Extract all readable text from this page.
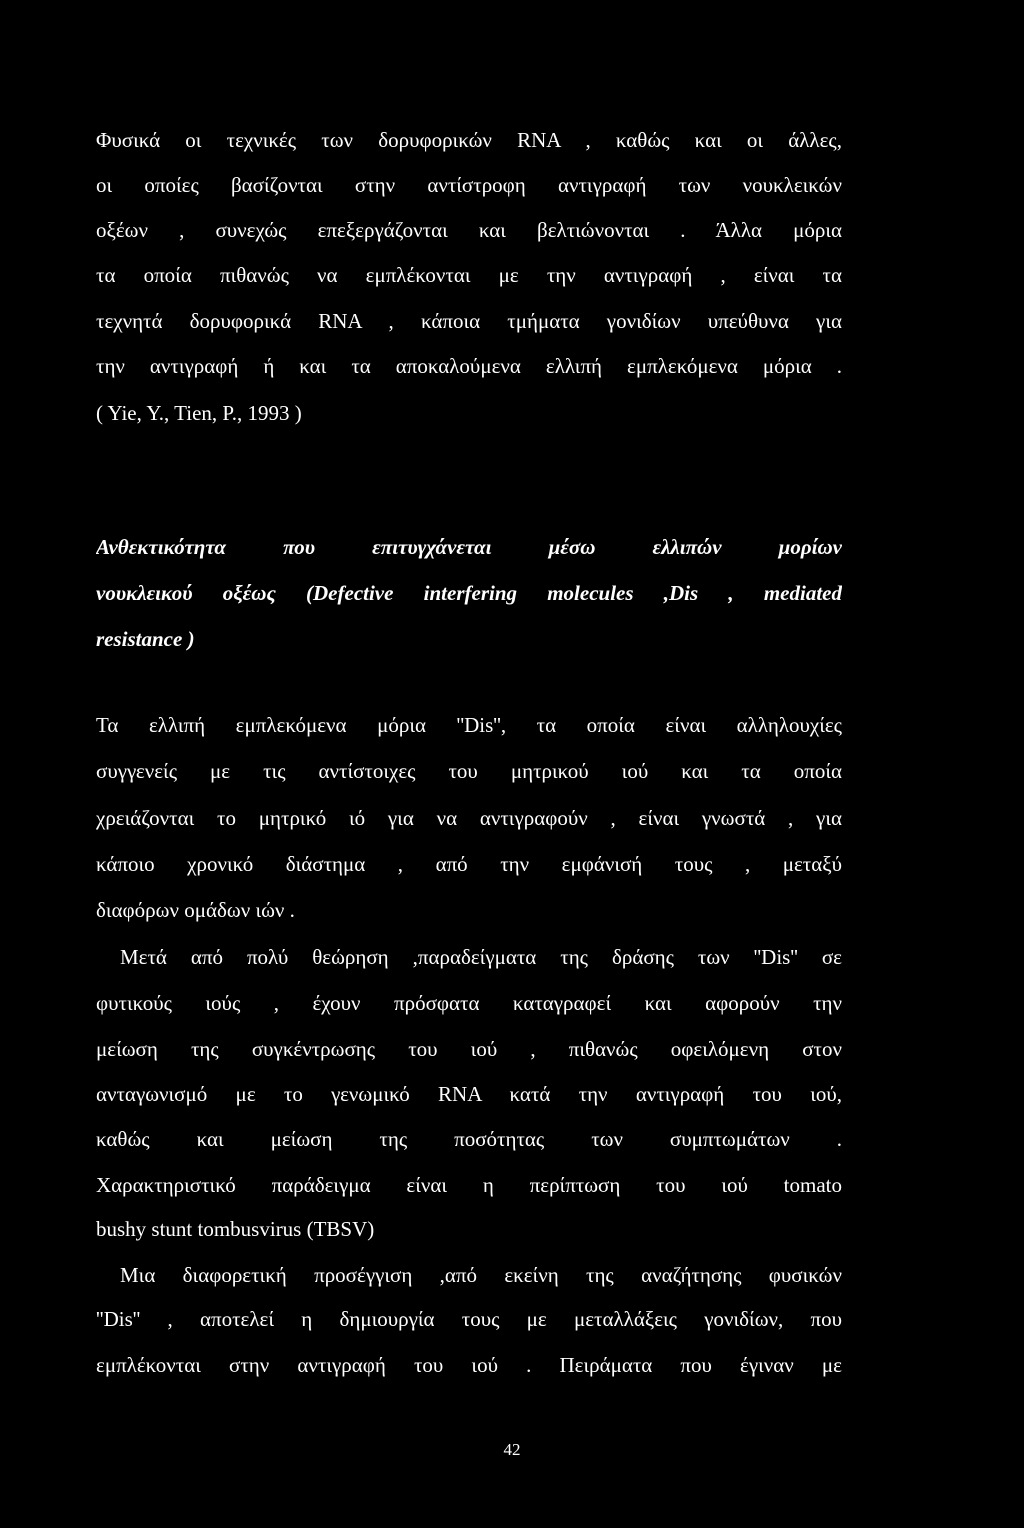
Φυσικά οι τεχνικές των δορυφορικών RNA , καθώς και οι άλλες,
οι οποίες βασίζονται στην αντίστροφη αντιγραφή των νουκλεικών
οξέων , συνεχώς επεξεργάζονται και βελτιώνονται . Άλλα μόρια
τα οποία πιθανώς να εμπλέκονται με την αντιγραφή , είναι τα
τεχνητά δορυφορικά RNA , κάποια τμήματα γονιδίων υπεύθυνα για
την αντιγραφή ή και τα αποκαλούμενα ελλιπή εμπλεκόμενα μόρια .
( Yie, Y., Tien, P., 1993 )
Ανθεκτικότητα που επιτυγχάνεται μέσω ελλιπών μορίων
νουκλεικού οξέως (Defective interfering molecules ,Dis , mediated
resistance )
Τα ελλιπή εμπλεκόμενα μόρια ''Dis'', τα οποία είναι αλληλουχίες
συγγενείς με τις αντίστοιχες του μητρικού ιού και τα οποία
χρειάζονται το μητρικό ιό για να αντιγραφούν , είναι γνωστά , για
κάποιο χρονικό διάστημα , από την εμφάνισή τους , μεταξύ
διαφόρων ομάδων ιών .
Μετά από πολύ θεώρηση ,παραδείγματα της δράσης των ''Dis'' σε
φυτικούς ιούς , έχουν πρόσφατα καταγραφεί και αφορούν την
μείωση της συγκέντρωσης του ιού , πιθανώς οφειλόμενη στον
ανταγωνισμό με το γενωμικό RNA κατά την αντιγραφή του ιού,
καθώς και μείωση της ποσότητας των συμπτωμάτων .
Χαρακτηριστικό παράδειγμα είναι η περίπτωση του ιού tomato
bushy stunt tombusvirus (TBSV)
Μια διαφορετική προσέγγιση ,από εκείνη της αναζήτησης φυσικών
''Dis'' , αποτελεί η δημιουργία τους με μεταλλάξεις γονιδίων, που
εμπλέκονται στην αντιγραφή του ιού . Πειράματα που έγιναν με
42
